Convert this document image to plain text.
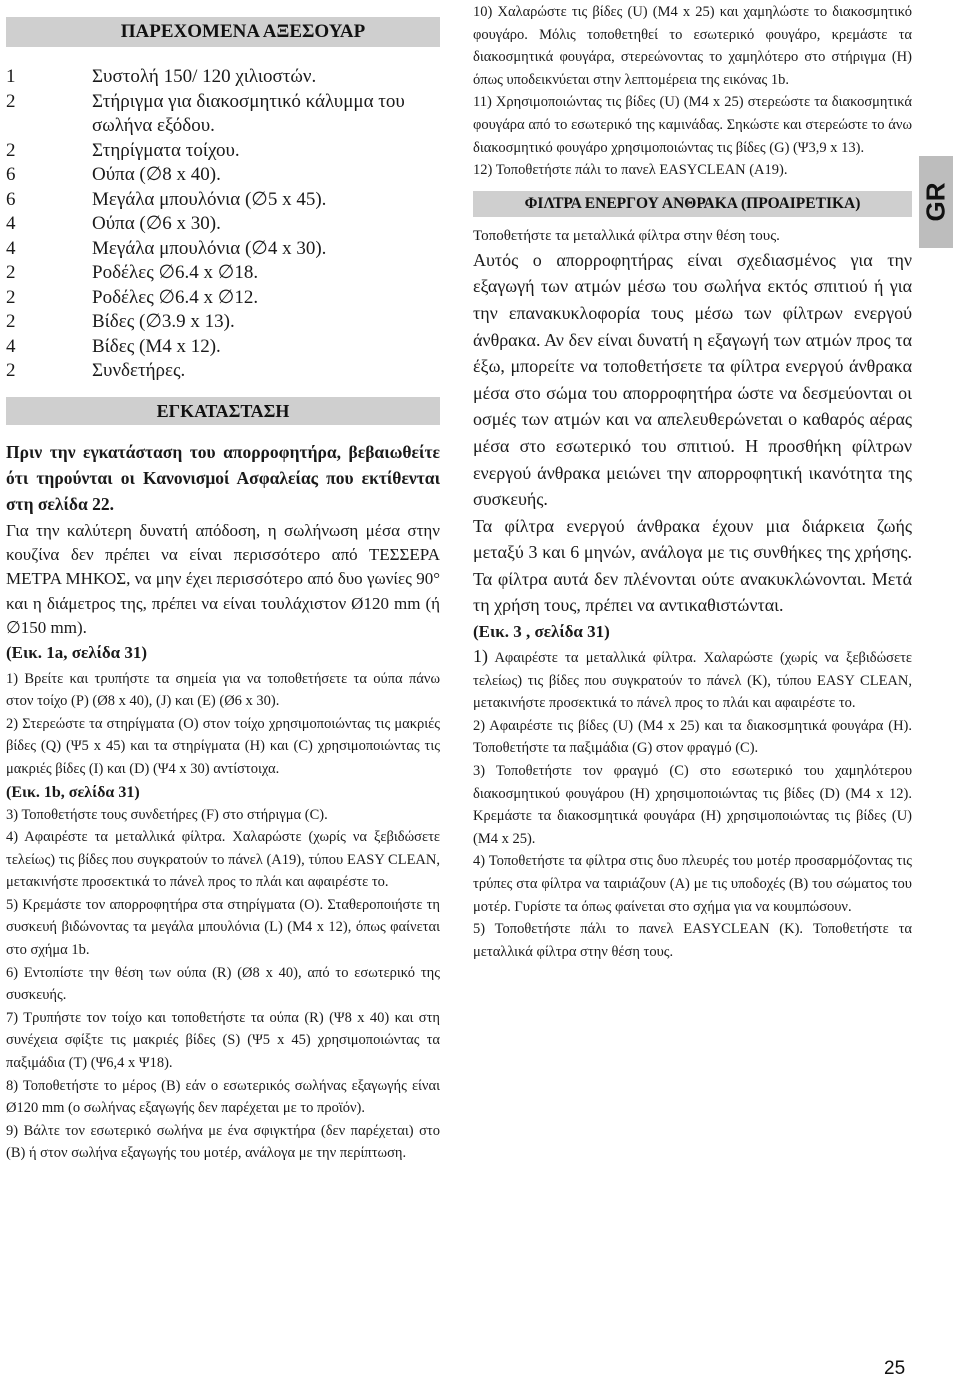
ΠΑΡΕΧΟΜΕΝΑ ΑΞΕΣΟΥΑΡ
1	Συστολή 150/ 120 χιλιοστών.
2	Στήριγμα για διακοσμητικό κάλυμμα του σωλήνα εξόδου.
2	Στηρίγματα τοίχου.
6	Ούπα (∅8 x 40).
6	Μεγάλα μπουλόνια (∅5 x 45).
4	Ούπα (∅6 x 30).
4	Μεγάλα μπουλόνια (∅4 x 30).
2	Ροδέλες ∅6.4 x ∅18.
2	Ροδέλες ∅6.4 x ∅12.
2	Βίδες (∅3.9 x 13).
4	Βίδες (M4 x 12).
2	Συνδετήρες.
ΕΓΚΑΤΑΣΤΑΣΗ

Πριν την εγκατάσταση του απορροφητήρα, βεβαιωθείτε ότι τηρούνται οι Κανονισμοί Ασφαλείας που εκτίθενται στη σελίδα 22.

Για την καλύτερη δυνατή απόδοση, η σωλήνωση μέσα στην κουζίνα δεν πρέπει να είναι περισσότερο από ΤΕΣΣΕΡΑ ΜΕΤΡΑ ΜΗΚΟΣ, να μην έχει περισσότερο από δυο γωνίες 90° και η διάμετρος της, πρέπει να είναι τουλάχιστον Ø120 mm (ή ∅150 mm).

(Εικ. 1a, σελίδα 31)

1) Βρείτε και τρυπήστε τα σημεία για να τοποθετήσετε τα ούπα πάνω στον τοίχο (P) (Ø8 x 40), (J) και (E) (Ø6 x 30).

2) Στερεώστε τα στηρίγματα (O) στον τοίχο χρησιμοποιώντας τις μακριές βίδες (Q) (Ψ5 x 45) και τα στηρίγματα (H) και (C) χρησιμοποιώντας τις μακριές βίδες (I) και (D) (Ψ4 x 30) αντίστοιχα.

(Εικ. 1b, σελίδα 31)

3) Τοποθετήστε τους συνδετήρες (F) στο στήριγμα (C).

4) Αφαιρέστε τα μεταλλικά φίλτρα. Χαλαρώστε (χωρίς να ξεβιδώσετε τελείως) τις βίδες που συγκρατούν το πάνελ (A19), τύπου EASY CLEAN, μετακινήστε προσεκτικά το πάνελ προς το πλάι και αφαιρέστε το.

5) Κρεμάστε τον απορροφητήρα στα στηρίγματα (O). Σταθεροποιήστε τη συσκευή βιδώνοντας τα μεγάλα μπουλόνια (L) (M4 x 12), όπως φαίνεται στο σχήμα 1b.

6) Εντοπίστε την θέση των ούπα (R) (Ø8 x 40), από το εσωτερικό της συσκευής.

7) Τρυπήστε τον τοίχο και τοποθετήστε τα ούπα (R) (Ψ8 x 40) και στη συνέχεια σφίξτε τις μακριές βίδες (S) (Ψ5 x 45) χρησιμοποιώντας τα παξιμάδια (T) (Ψ6,4 x Ψ18).

8) Τοποθετήστε το μέρος (B) εάν ο εσωτερικός σωλήνας εξαγωγής είναι Ø120 mm (ο σωλήνας εξαγωγής δεν παρέχεται με το προϊόν).

9) Βάλτε τον εσωτερικό σωλήνα με ένα σφιγκτήρα (δεν παρέχεται) στο (B) ή στον σωλήνα εξαγωγής του μοτέρ, ανάλογα με την περίπτωση.

10) Χαλαρώστε τις βίδες (U) (M4 x 25) και χαμηλώστε το διακοσμητικό φουγάρο. Μόλις τοποθετηθεί το εσωτερικό φουγάρο, κρεμάστε τα διακοσμητικά φουγάρα, στερεώνοντας το χαμηλότερο στο στήριγμα (H) όπως υποδεικνύεται στην λεπτομέρεια της εικόνας 1b.

11) Χρησιμοποιώντας τις βίδες (U) (M4 x 25) στερεώστε τα διακοσμητικά φουγάρα από το εσωτερικό της καμινάδας. Σηκώστε και στερεώστε το άνω διακοσμητικό φουγάρο χρησιμοποιώντας τις βίδες (G) (Ψ3,9 x 13).

12) Τοποθετήστε πάλι το πανελ EASYCLEAN (A19).

ΦΙΛΤΡΑ ΕΝΕΡΓΟΥ ΑΝΘΡΑΚΑ (ΠΡΟΑΙΡΕΤΙΚΑ)

Τοποθετήστε τα μεταλλικά φίλτρα στην θέση τους.

Αυτός ο απορροφητήρας είναι σχεδιασμένος για την εξαγωγή των ατμών μέσω του σωλήνα εκτός σπιτιού ή για την επανακυκλοφορία τους μέσω των φίλτρων ενεργού άνθρακα. Αν δεν είναι δυνατή η εξαγωγή των ατμών προς τα έξω, μπορείτε να τοποθετήσετε τα φίλτρα ενεργού άνθρακα μέσα στο σώμα του απορροφητήρα ώστε να δεσμεύονται οι οσμές των ατμών και να απελευθερώνεται ο καθαρός αέρας μέσα στο εσωτερικό του σπιτιού. Η προσθήκη φίλτρων ενεργού άνθρακα μειώνει την απορροφητική ικανότητα της συσκευής.

Τα φίλτρα ενεργού άνθρακα έχουν μια διάρκεια ζωής μεταξύ 3 και 6 μηνών, ανάλογα με τις συνθήκες της χρήσης. Τα φίλτρα αυτά δεν πλένονται ούτε ανακυκλώνονται. Μετά τη χρήση τους, πρέπει να αντικαθιστώνται.

(Εικ. 3 , σελίδα 31)

1) Αφαιρέστε τα μεταλλικά φίλτρα. Χαλαρώστε (χωρίς να ξεβιδώσετε τελείως) τις βίδες που συγκρατούν το πάνελ (K), τύπου EASY CLEAN, μετακινήστε προσεκτικά το πάνελ προς το πλάι και αφαιρέστε το.

2) Αφαιρέστε τις βίδες (U) (M4 x 25) και τα διακοσμητικά φουγάρα (H). Τοποθετήστε τα παξιμάδια (G) στον φραγμό (C).

3) Τοποθετήστε τον φραγμό (C) στο εσωτερικό του χαμηλότερου διακοσμητικού φουγάρου (H) χρησιμοποιώντας τις βίδες (D) (M4 x 12). Κρεμάστε τα διακοσμητικά φουγάρα (H) χρησιμοποιώντας τις βίδες (U) (M4 x 25).

4) Τοποθετήστε τα φίλτρα στις δυο πλευρές του μοτέρ προσαρμόζοντας τις τρύπες στα φίλτρα να ταιριάζουν (A) με τις υποδοχές (B) του σώματος του μοτέρ. Γυρίστε τα όπως φαίνεται στο σχήμα για να κουμπώσουν.

5) Τοποθετήστε πάλι το πανελ EASYCLEAN (K). Τοποθετήστε τα μεταλλικά φίλτρα στην θέση τους.

GR
25
